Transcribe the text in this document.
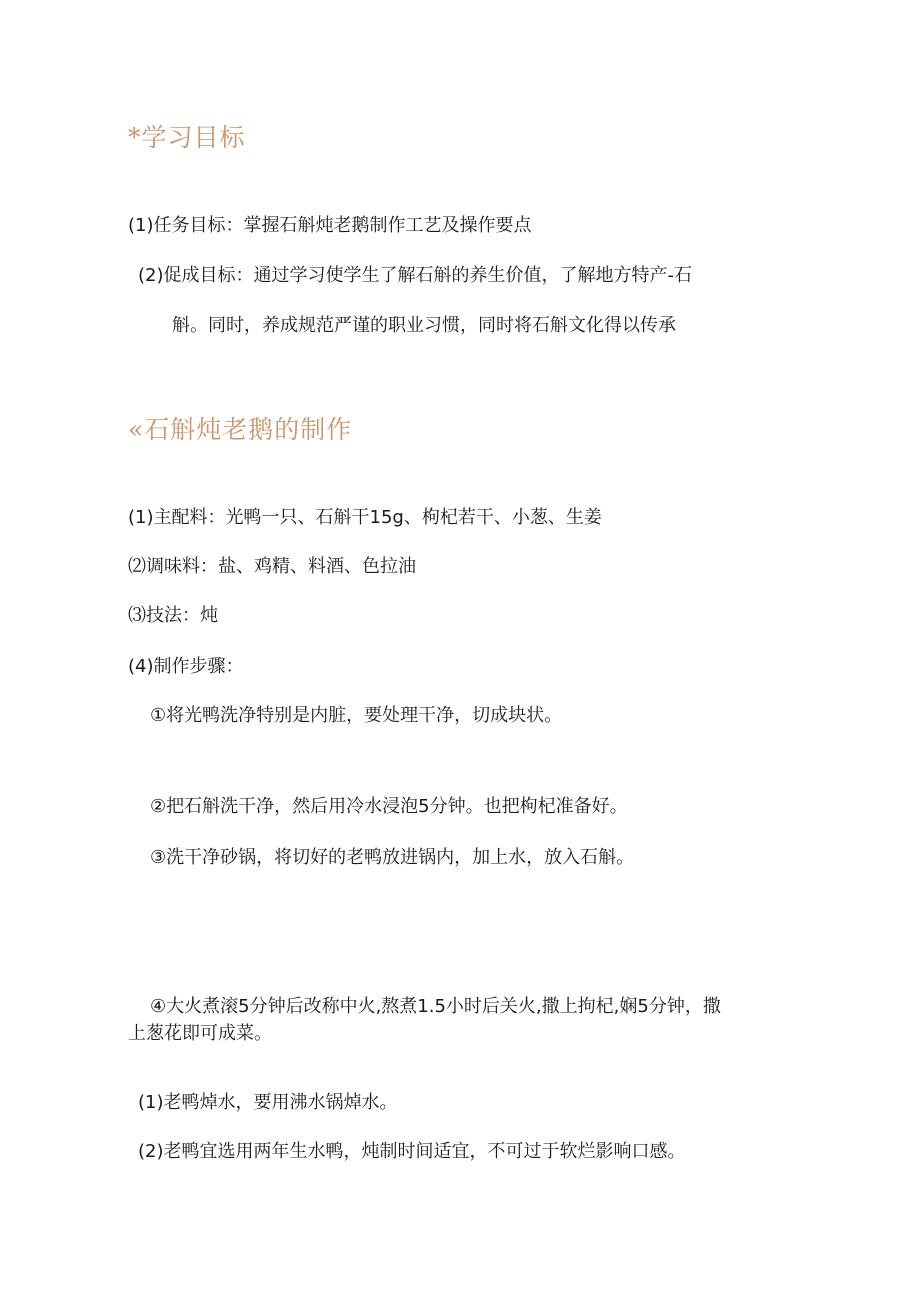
*学习目标
(1)任务目标：掌握石斛炖老鹅制作工艺及操作要点
(2)促成目标：通过学习使学生了解石斛的养生价值，了解地方特产-石
斛。同时，养成规范严谨的职业习惯，同时将石斛文化得以传承
«石斛炖老鹅的制作
(1)主配料：光鸭一只、石斛干15g、枸杞若干、小葱、生姜
⑵调味料：盐、鸡精、料酒、色拉油
⑶技法：炖
(4)制作步骤：
①将光鸭洗净特别是内脏，要处理干净，切成块状。
②把石斛洗干净，然后用冷水浸泡5分钟。也把枸杞准备好。
③洗干净砂锅，将切好的老鸭放进锅内，加上水，放入石斛。
④大火煮滚5分钟后改称中火,熬煮1.5小时后关火,撒上拘杞,娴5分钟，撒
上葱花即可成菜。
(1)老鸭焯水，要用沸水锅焯水。
(2)老鸭宜选用两年生水鸭，炖制时间适宜，不可过于软烂影响口感。
